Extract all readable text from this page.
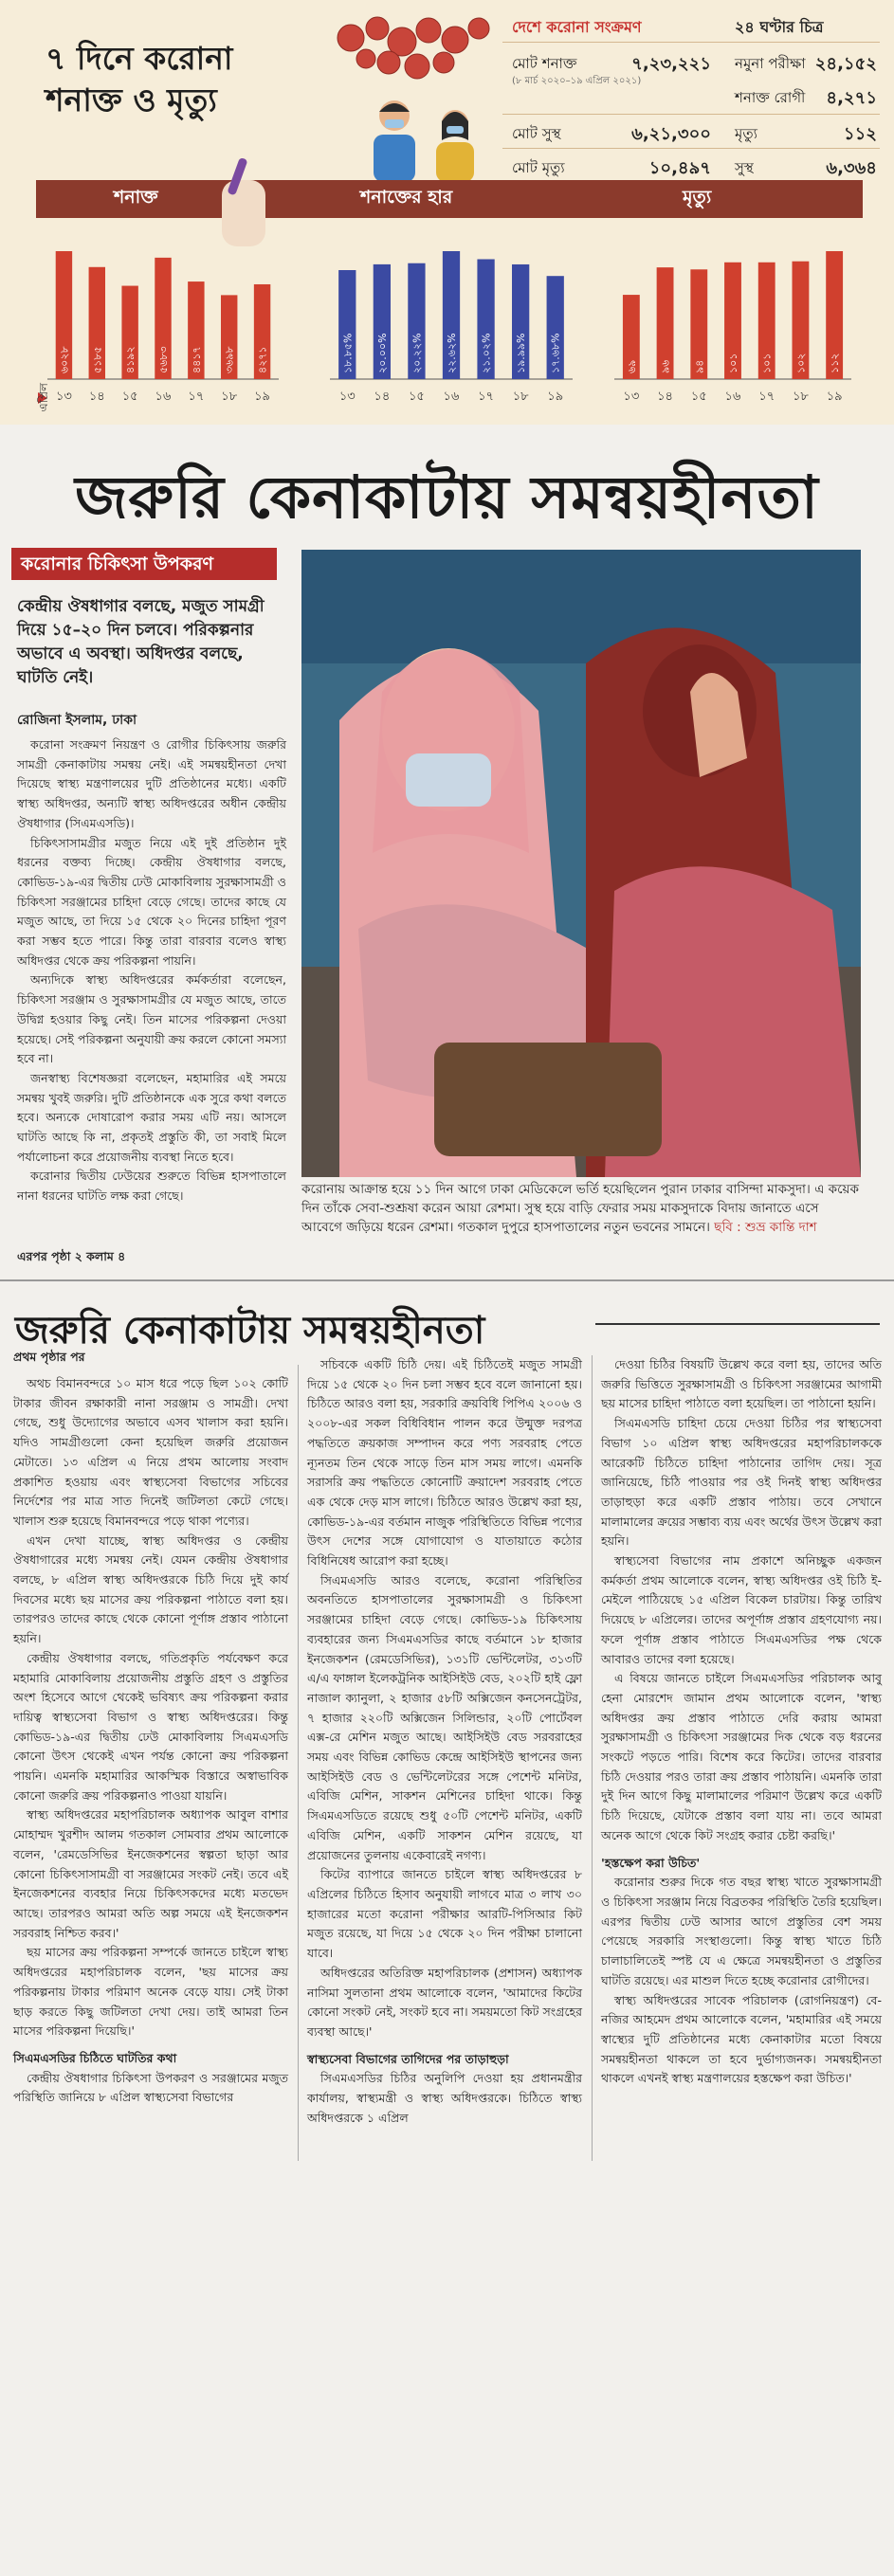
৭ দিনে করোনা
শনাক্ত ও মৃত্যু
দেশে করোনা সংক্রমণ	২৪ ঘণ্টার চিত্র
মোট শনাক্ত	৭,২৩,২২১
(৮ মার্চ ২০২০–১৯ এপ্রিল ২০২১)
নমুনা পরীক্ষা ২৪,১৫২
শনাক্ত রোগী	৪,২৭১
মোট সুস্থ	৬,২১,৩০০ মৃত্যু	১১২
মোট মৃত্যু	১০,৪৯৭ সুস্থ	৬,৩৬৪
শনাক্ত	শনাক্তের হার	মৃত্যু
৬০২৮
১৩
৫১৮৫
১৪
৪১৯২
১৫
৫৬৮৩
১৬
৪৪১৭
১৭
৩৬৯৮
১৮
৪২৭১
১৯
১৮.৮৫%
১৩
২০.০০%
১৪
২০.২২%
১৫
২২.৬২%
১৬
২১.০২%
১৭
১৯.৯৯%
১৮
১৭.৬৮%
১৯
৬৯
১৩
৯৬
১৪
৯৪
১৫
১০১
১৬
১০১
১৭
১০২
১৮
১১২
১৯
এপ্রিল
জরুরি কেনাকাটায় সমন্বয়হীনতা
করোনার চিকিৎসা উপকরণ
কেন্দ্রীয় ঔষধাগার বলছে, মজুত সামগ্রী দিয়ে ১৫–২০ দিন চলবে। পরিকল্পনার অভাবে এ অবস্থা। অধিদপ্তর বলছে, ঘাটতি নেই।
রোজিনা ইসলাম, ঢাকা

করোনা সংক্রমণ নিয়ন্ত্রণ ও রোগীর চিকিৎসায় জরুরি সামগ্রী কেনাকাটায় সমন্বয় নেই। এই সমন্বয়হীনতা দেখা দিয়েছে স্বাস্থ্য মন্ত্রণালয়ের দুটি প্রতিষ্ঠানের মধ্যে। একটি স্বাস্থ্য অধিদপ্তর, অন্যটি স্বাস্থ্য অধিদপ্তরের অধীন কেন্দ্রীয় ঔষধাগার (সিএমএসডি)।

চিকিৎসাসামগ্রীর মজুত নিয়ে এই দুই প্রতিষ্ঠান দুই ধরনের বক্তব্য দিচ্ছে। কেন্দ্রীয় ঔষধাগার বলছে, কোভিড-১৯-এর দ্বিতীয় ঢেউ মোকাবিলায় সুরক্ষাসামগ্রী ও চিকিৎসা সরঞ্জামের চাহিদা বেড়ে গেছে। তাদের কাছে যে মজুত আছে, তা দিয়ে ১৫ থেকে ২০ দিনের চাহিদা পূরণ করা সম্ভব হতে পারে। কিন্তু তারা বারবার বলেও স্বাস্থ্য অধিদপ্তর থেকে ক্রয় পরিকল্পনা পায়নি।

অন্যদিকে স্বাস্থ্য অধিদপ্তরের কর্মকর্তারা বলেছেন, চিকিৎসা সরঞ্জাম ও সুরক্ষাসামগ্রীর যে মজুত আছে, তাতে উদ্বিগ্ন হওয়ার কিছু নেই। তিন মাসের পরিকল্পনা দেওয়া হয়েছে। সেই পরিকল্পনা অনুযায়ী ক্রয় করলে কোনো সমস্যা হবে না।

জনস্বাস্থ্য বিশেষজ্ঞরা বলেছেন, মহামারির এই সময়ে সমন্বয় খুবই জরুরি। দুটি প্রতিষ্ঠানকে এক সুরে কথা বলতে হবে। অন্যকে দোষারোপ করার সময় এটি নয়। আসলে ঘাটতি আছে কি না, প্রকৃতই প্রস্তুতি কী, তা সবাই মিলে পর্যালোচনা করে প্রয়োজনীয় ব্যবস্থা নিতে হবে।

করোনার দ্বিতীয় ঢেউয়ের শুরুতে বিভিন্ন হাসপাতালে নানা ধরনের ঘাটতি লক্ষ করা গেছে।

এরপর পৃষ্ঠা ২ কলাম ৪
করোনায় আক্রান্ত হয়ে ১১ দিন আগে ঢাকা মেডিকেলে ভর্তি হয়েছিলেন পুরান ঢাকার বাসিন্দা মাকসুদা। এ কয়েক দিন তাঁকে সেবা-শুশ্রূষা করেন আয়া রেশমা। সুস্থ হয়ে বাড়ি ফেরার সময় মাকসুদাকে বিদায় জানাতে এসে আবেগে জড়িয়ে ধরেন রেশমা। গতকাল দুপুরে হাসপাতালের নতুন ভবনের সামনে। ছবি : শুভ্র কান্তি দাশ
জরুরি কেনাকাটায় সমন্বয়হীনতা
প্রথম পৃষ্ঠার পর

অথচ বিমানবন্দরে ১০ মাস ধরে পড়ে ছিল ১০২ কোটি টাকার জীবন রক্ষাকারী নানা সরঞ্জাম ও সামগ্রী। দেখা গেছে, শুধু উদ্যোগের অভাবে এসব খালাস করা হয়নি। যদিও সামগ্রীগুলো কেনা হয়েছিল জরুরি প্রয়োজন মেটাতে। ১৩ এপ্রিল এ নিয়ে প্রথম আলোয় সংবাদ প্রকাশিত হওয়ায় এবং স্বাস্থ্যসেবা বিভাগের সচিবের নির্দেশের পর মাত্র সাত দিনেই জটিলতা কেটে গেছে। খালাস শুরু হয়েছে বিমানবন্দরে পড়ে থাকা পণ্যের।

এখন দেখা যাচ্ছে, স্বাস্থ্য অধিদপ্তর ও কেন্দ্রীয় ঔষধাগারের মধ্যে সমন্বয় নেই। যেমন কেন্দ্রীয় ঔষধাগার বলছে, ৮ এপ্রিল স্বাস্থ্য অধিদপ্তরকে চিঠি দিয়ে দুই কার্য দিবসের মধ্যে ছয় মাসের ক্রয় পরিকল্পনা পাঠাতে বলা হয়। তারপরও তাদের কাছে থেকে কোনো পূর্ণাঙ্গ প্রস্তাব পাঠানো হয়নি।

কেন্দ্রীয় ঔষধাগার বলছে, গতিপ্রকৃতি পর্যবেক্ষণ করে মহামারি মোকাবিলায় প্রয়োজনীয় প্রস্তুতি গ্রহণ ও প্রস্তুতির অংশ হিসেবে আগে থেকেই ভবিষ্যৎ ক্রয় পরিকল্পনা করার দায়িত্ব স্বাস্থ্যসেবা বিভাগ ও স্বাস্থ্য অধিদপ্তরের। কিন্তু কোভিড-১৯-এর দ্বিতীয় ঢেউ মোকাবিলায় সিএমএসডি কোনো উৎস থেকেই এখন পর্যন্ত কোনো ক্রয় পরিকল্পনা পায়নি। এমনকি মহামারির আকস্মিক বিস্তারে অস্বাভাবিক কোনো জরুরি ক্রয় পরিকল্পনাও পাওয়া যায়নি।

স্বাস্থ্য অধিদপ্তরের মহাপরিচালক অধ্যাপক আবুল বাশার মোহাম্মদ খুরশীদ আলম গতকাল সোমবার প্রথম আলোকে বলেন, 'রেমডেসিভির ইনজেকশনের স্বল্পতা ছাড়া আর কোনো চিকিৎসাসামগ্রী বা সরঞ্জামের সংকট নেই। তবে এই ইনজেকশনের ব্যবহার নিয়ে চিকিৎসকদের মধ্যে মতভেদ আছে। তারপরও আমরা অতি অল্প সময়ে এই ইনজেকশন সরবরাহ নিশ্চিত করব।'

ছয় মাসের ক্রয় পরিকল্পনা সম্পর্কে জানতে চাইলে স্বাস্থ্য অধিদপ্তরের মহাপরিচালক বলেন, 'ছয় মাসের ক্রয় পরিকল্পনায় টাকার পরিমাণ অনেক বেড়ে যায়। সেই টাকা ছাড় করতে কিছু জটিলতা দেখা দেয়। তাই আমরা তিন মাসের পরিকল্পনা দিয়েছি।'

সিএমএসডির চিঠিতে ঘাটতির কথা

কেন্দ্রীয় ঔষধাগার চিকিৎসা উপকরণ ও সরঞ্জামের মজুত পরিস্থিতি জানিয়ে ৮ এপ্রিল স্বাস্থ্যসেবা বিভাগের

সচিবকে একটি চিঠি দেয়। এই চিঠিতেই মজুত সামগ্রী দিয়ে ১৫ থেকে ২০ দিন চলা সম্ভব হবে বলে জানানো হয়। চিঠিতে আরও বলা হয়, সরকারি ক্রয়বিধি পিপিএ ২০০৬ ও ২০০৮-এর সকল বিধিবিধান পালন করে উন্মুক্ত দরপত্র পদ্ধতিতে ক্রয়কাজ সম্পাদন করে পণ্য সরবরাহ পেতে ন্যূনতম তিন থেকে সাড়ে তিন মাস সময় লাগে। এমনকি সরাসরি ক্রয় পদ্ধতিতে কোনোটি ক্রয়াদেশ সরবরাহ পেতে এক থেকে দেড় মাস লাগে। চিঠিতে আরও উল্লেখ করা হয়, কোভিড-১৯-এর বর্তমান নাজুক পরিস্থিতিতে বিভিন্ন পণ্যের উৎস দেশের সঙ্গে যোগাযোগ ও যাতায়াতে কঠোর বিধিনিষেধ আরোপ করা হচ্ছে।

সিএমএসডি আরও বলেছে, করোনা পরিস্থিতির অবনতিতে হাসপাতালের সুরক্ষাসামগ্রী ও চিকিৎসা সরঞ্জামের চাহিদা বেড়ে গেছে। কোভিড-১৯ চিকিৎসায় ব্যবহারের জন্য সিএমএসডির কাছে বর্তমানে ১৮ হাজার ইনজেকশন (রেমডেসিভির), ১৩১টি ভেন্টিলেটর, ৩১৩টি এ/এ ফাঙ্গাল ইলেকট্রনিক আইসিইউ বেড, ২০২টি হাই ফ্লো নাজাল ক্যানুলা, ২ হাজার ৫৮টি অক্সিজেন কনসেনট্রেটর, ৭ হাজার ২২০টি অক্সিজেন সিলিন্ডার, ২০টি পোর্টেবল এক্স-রে মেশিন মজুত আছে। আইসিইউ বেড সরবরাহের সময় এবং বিভিন্ন কোভিড কেন্দ্রে আইসিইউ স্থাপনের জন্য আইসিইউ বেড ও ভেন্টিলেটরের সঙ্গে পেশেন্ট মনিটর, এবিজি মেশিন, সাকশন মেশিনের চাহিদা থাকে। কিন্তু সিএমএসডিতে রয়েছে শুধু ৫০টি পেশেন্ট মনিটর, একটি এবিজি মেশিন, একটি সাকশন মেশিন রয়েছে, যা প্রয়োজনের তুলনায় একেবারেই নগণ্য।

কিটের ব্যাপারে জানতে চাইলে স্বাস্থ্য অধিদপ্তরের ৮ এপ্রিলের চিঠিতে হিসাব অনুযায়ী লাগবে মাত্র ৩ লাখ ৩০ হাজারের মতো করোনা পরীক্ষার আরটি-পিসিআর কিট মজুত রয়েছে, যা দিয়ে ১৫ থেকে ২০ দিন পরীক্ষা চালানো যাবে।

অধিদপ্তরের অতিরিক্ত মহাপরিচালক (প্রশাসন) অধ্যাপক নাসিমা সুলতানা প্রথম আলোকে বলেন, 'আমাদের কিটের কোনো সংকট নেই, সংকট হবে না। সময়মতো কিট সংগ্রহের ব্যবস্থা আছে।'

স্বাস্থ্যসেবা বিভাগের তাগিদের পর তাড়াহুড়া

সিএমএসডির চিঠির অনুলিপি দেওয়া হয় প্রধানমন্ত্রীর কার্যালয়, স্বাস্থ্যমন্ত্রী ও স্বাস্থ্য অধিদপ্তরকে। চিঠিতে স্বাস্থ্য অধিদপ্তরকে ১ এপ্রিল

দেওয়া চিঠির বিষয়টি উল্লেখ করে বলা হয়, তাদের অতি জরুরি ভিত্তিতে সুরক্ষাসামগ্রী ও চিকিৎসা সরঞ্জামের আগামী ছয় মাসের চাহিদা পাঠাতে বলা হয়েছিল। তা পাঠানো হয়নি।

সিএমএসডি চাহিদা চেয়ে দেওয়া চিঠির পর স্বাস্থ্যসেবা বিভাগ ১০ এপ্রিল স্বাস্থ্য অধিদপ্তরের মহাপরিচালককে আরেকটি চিঠিতে চাহিদা পাঠানোর তাগিদ দেয়। সূত্র জানিয়েছে, চিঠি পাওয়ার পর ওই দিনই স্বাস্থ্য অধিদপ্তর তাড়াহুড়া করে একটি প্রস্তাব পাঠায়। তবে সেখানে মালামালের ক্রয়ের সম্ভাব্য ব্যয় এবং অর্থের উৎস উল্লেখ করা হয়নি।

স্বাস্থ্যসেবা বিভাগের নাম প্রকাশে অনিচ্ছুক একজন কর্মকর্তা প্রথম আলোকে বলেন, স্বাস্থ্য অধিদপ্তর ওই চিঠি ই-মেইলে পাঠিয়েছে ১৫ এপ্রিল বিকেল চারটায়। কিন্তু তারিখ দিয়েছে ৮ এপ্রিলের। তাদের অপূর্ণাঙ্গ প্রস্তাব গ্রহণযোগ্য নয়। ফলে পূর্ণাঙ্গ প্রস্তাব পাঠাতে সিএমএসডির পক্ষ থেকে আবারও তাদের বলা হয়েছে।

এ বিষয়ে জানতে চাইলে সিএমএসডির পরিচালক আবু হেনা মোরশেদ জামান প্রথম আলোকে বলেন, 'স্বাস্থ্য অধিদপ্তর ক্রয় প্রস্তাব পাঠাতে দেরি করায় আমরা সুরক্ষাসামগ্রী ও চিকিৎসা সরঞ্জামের দিক থেকে বড় ধরনের সংকটে পড়তে পারি। বিশেষ করে কিটের। তাদের বারবার চিঠি দেওয়ার পরও তারা ক্রয় প্রস্তাব পাঠায়নি। এমনকি তারা দুই দিন আগে কিছু মালামালের পরিমাণ উল্লেখ করে একটি চিঠি দিয়েছে, যেটাকে প্রস্তাব বলা যায় না। তবে আমরা অনেক আগে থেকে কিট সংগ্রহ করার চেষ্টা করছি।'

'হস্তক্ষেপ করা উচিত'

করোনার শুরুর দিকে গত বছর স্বাস্থ্য খাতে সুরক্ষাসামগ্রী ও চিকিৎসা সরঞ্জাম নিয়ে বিব্রতকর পরিস্থিতি তৈরি হয়েছিল। এরপর দ্বিতীয় ঢেউ আসার আগে প্রস্তুতির বেশ সময় পেয়েছে সরকারি সংস্থাগুলো। কিন্তু স্বাস্থ্য খাতে চিঠি চালাচালিতেই স্পষ্ট যে এ ক্ষেত্রে সমন্বয়হীনতা ও প্রস্তুতির ঘাটতি রয়েছে। এর মাশুল দিতে হচ্ছে করোনার রোগীদের।

স্বাস্থ্য অধিদপ্তরের সাবেক পরিচালক (রোগনিয়ন্ত্রণ) বে-নজির আহমেদ প্রথম আলোকে বলেন, 'মহামারির এই সময়ে স্বাস্থ্যের দুটি প্রতিষ্ঠানের মধ্যে কেনাকাটার মতো বিষয়ে সমন্বয়হীনতা থাকলে তা হবে দুর্ভাগ্যজনক। সমন্বয়হীনতা থাকলে এখনই স্বাস্থ্য মন্ত্রণালয়ের হস্তক্ষেপ করা উচিত।'
